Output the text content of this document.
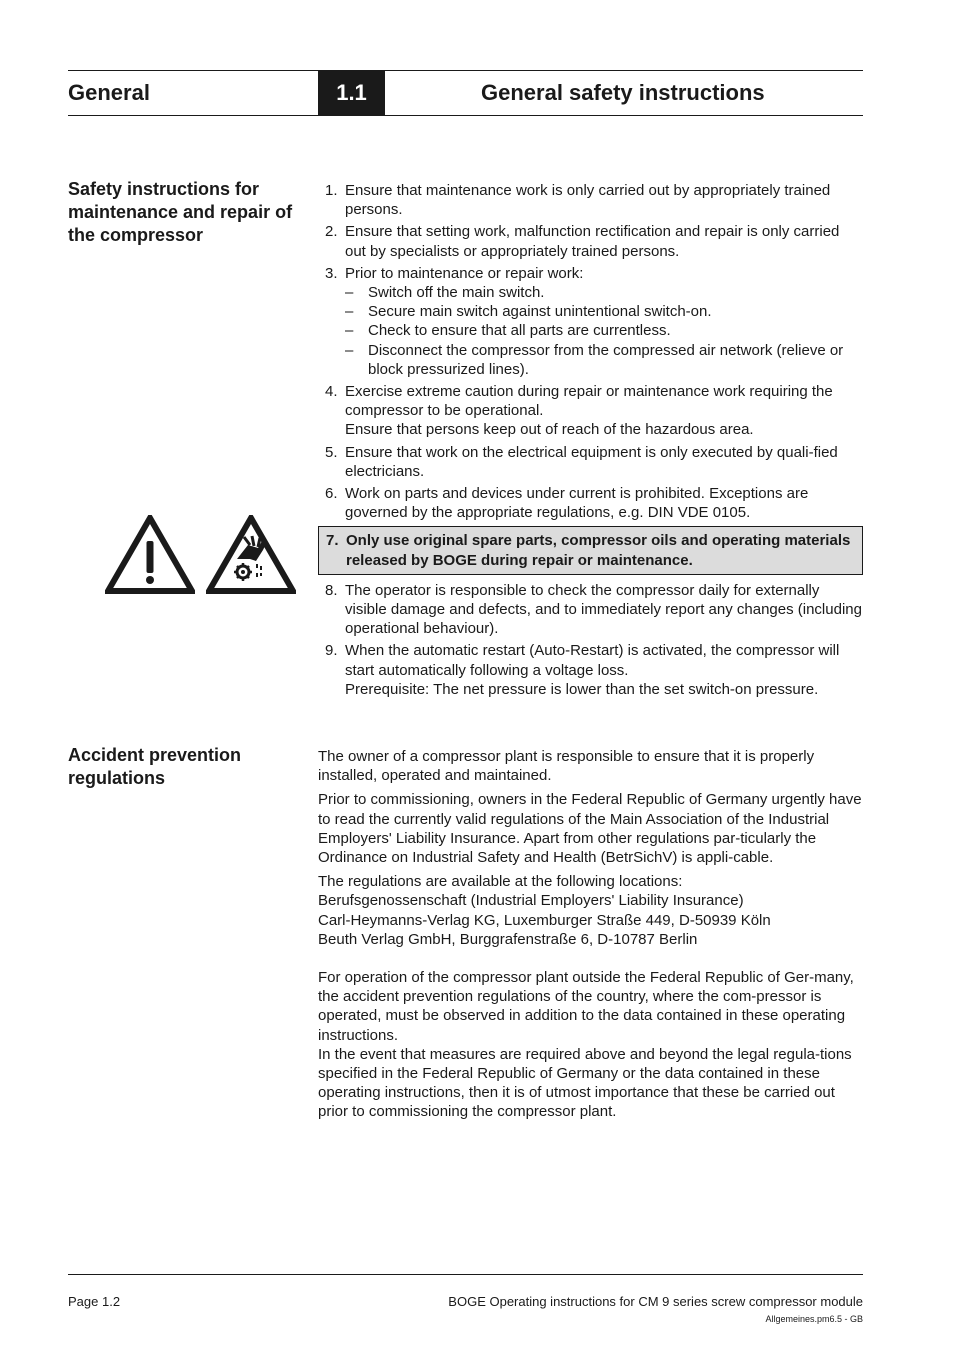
General	1.1	General safety instructions
Safety instructions for maintenance and repair of the compressor
1. Ensure that maintenance work is only carried out by appropriately trained persons.
2. Ensure that setting work, malfunction rectification and repair is only carried out by specialists or appropriately trained persons.
3. Prior to maintenance or repair work:
– Switch off the main switch.
– Secure main switch against unintentional switch-on.
– Check to ensure that all parts are currentless.
– Disconnect the compressor from the compressed air network (relieve or block pressurized lines).
4. Exercise extreme caution during repair or maintenance work requiring the compressor to be operational.
Ensure that persons keep out of reach of the hazardous area.
5. Ensure that work on the electrical equipment is only executed by quali-fied electricians.
6. Work on parts and devices under current is prohibited. Exceptions are governed by the appropriate regulations, e.g. DIN VDE 0105.
7. Only use original spare parts, compressor oils and operating materials released by BOGE during repair or maintenance.
8. The operator is responsible to check the compressor daily for externally visible damage and defects, and to immediately report any changes (including operational behaviour).
9. When the automatic restart (Auto-Restart) is activated, the compressor will start automatically following a voltage loss.
Prerequisite: The net pressure is lower than the set switch-on pressure.
Accident prevention regulations

The owner of a compressor plant is responsible to ensure that it is properly installed, operated and maintained.

Prior to commissioning, owners in the Federal Republic of Germany urgently have to read the currently valid regulations of the Main Association of the Industrial Employers' Liability Insurance. Apart from other regulations par-ticularly the Ordinance on Industrial Safety and Health (BetrSichV) is appli-cable.

The regulations are available at the following locations:
Berufsgenossenschaft (Industrial Employers' Liability Insurance)
Carl-Heymanns-Verlag KG, Luxemburger Straße 449, D-50939 Köln
Beuth Verlag GmbH, Burggrafenstraße 6, D-10787 Berlin

For operation of the compressor plant outside the Federal Republic of Ger-many, the accident prevention regulations of the country, where the com-pressor is operated, must be observed in addition to the data contained in these operating instructions.

In the event that measures are required above and beyond the legal regula-tions specified in the Federal Republic of Germany or the data contained in these operating instructions, then it is of utmost importance that these be carried out prior to commissioning the compressor plant.

Page 1.2	BOGE Operating instructions for CM 9 series screw compressor module
Allgemeines.pm6.5 - GB
